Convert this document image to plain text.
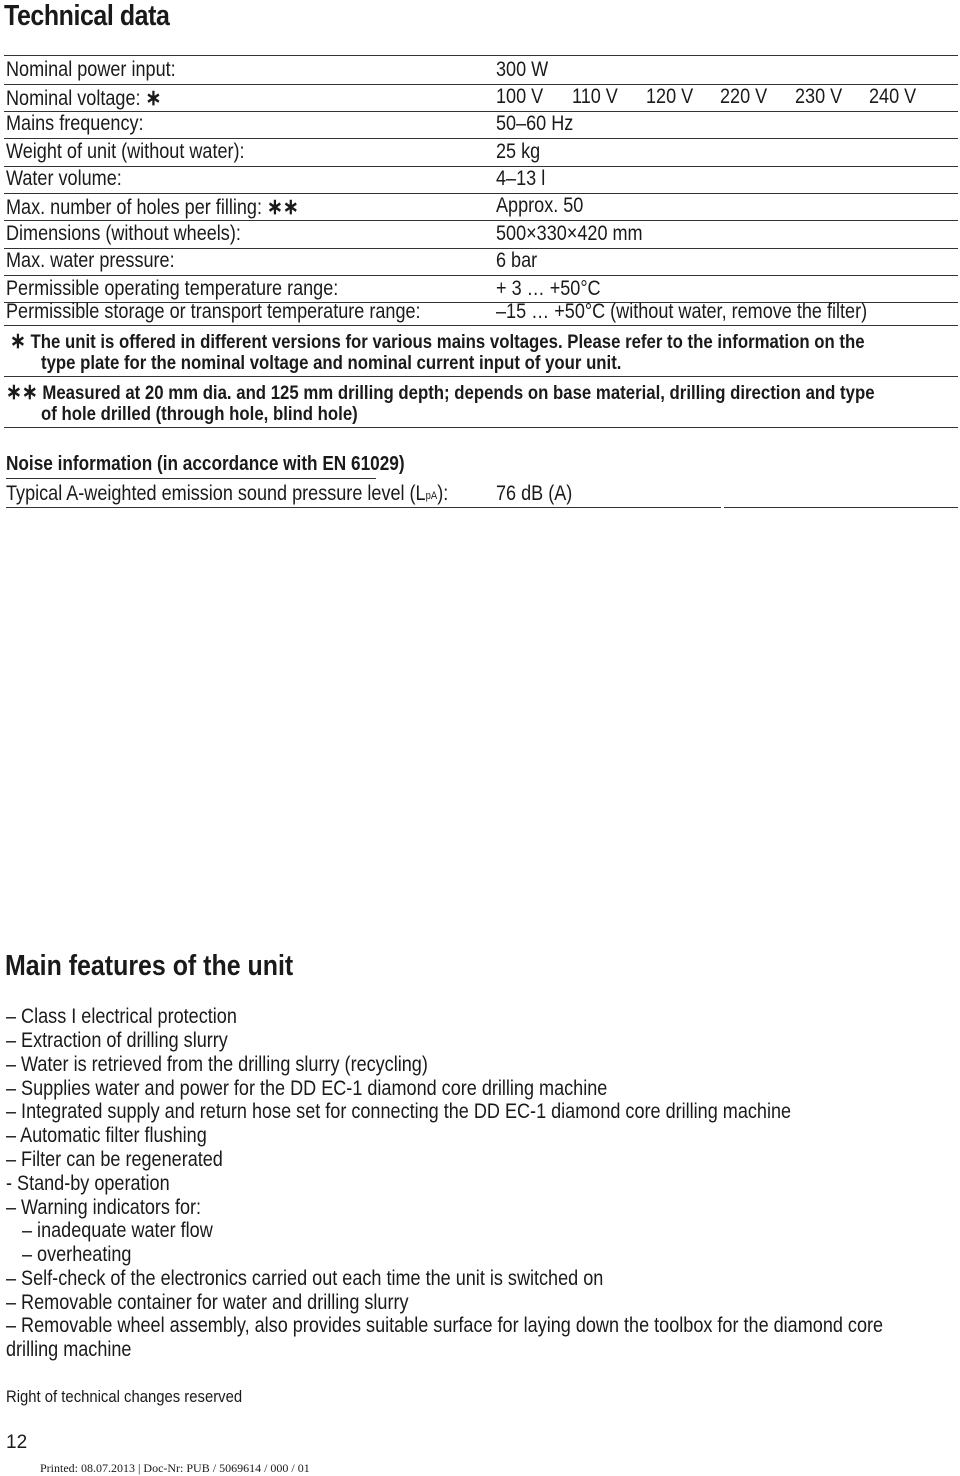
Technical data
Nominal power input:	300 W
Nominal voltage: ∗	100 V 110 V 120 V 220 V 230 V 240 V
Mains frequency:	50–60 Hz
Weight of unit (without water):	25 kg
Water volume:	4–13 l
Max. number of holes per filling: ∗∗	Approx. 50
Dimensions (without wheels):	500×330×420 mm
Max. water pressure:	6 bar
Permissible operating temperature range:	+ 3 … +50°C
Permissible storage or transport temperature range:	–15 … +50°C (without water, remove the filter)
∗ The unit is offered in different versions for various mains voltages. Please refer to the information on the
type plate for the nominal voltage and nominal current input of your unit.
∗∗ Measured at 20 mm dia. and 125 mm drilling depth; depends on base material, drilling direction and type
of hole drilled (through hole, blind hole)
Noise information (in accordance with EN 61029)
Typical A-weighted emission sound pressure level $(L_{pA})$: 76 dB (A)
Main features of the unit
– Class I electrical protection
– Extraction of drilling slurry
– Water is retrieved from the drilling slurry (recycling)
– Supplies water and power for the DD EC-1 diamond core drilling machine
– Integrated supply and return hose set for connecting the DD EC-1 diamond core drilling machine
– Automatic filter flushing
– Filter can be regenerated
- Stand-by operation
– Warning indicators for:
– inadequate water flow
– overheating
– Self-check of the electronics carried out each time the unit is switched on
– Removable container for water and drilling slurry
– Removable wheel assembly, also provides suitable surface for laying down the toolbox for the diamond core
drilling machine
Right of technical changes reserved
12
Printed: 08.07.2013 | Doc-Nr: PUB / 5069614 / 000 / 01
